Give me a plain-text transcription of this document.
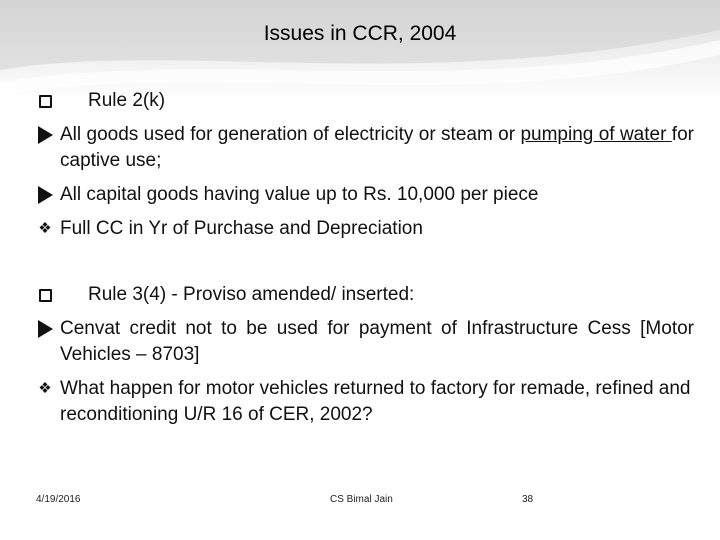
Issues in CCR, 2004
Rule 2(k)
All goods used for generation of electricity or steam or pumping of water for captive use;
All capital goods having value up to Rs. 10,000 per piece
❖ Full CC in Yr of Purchase and Depreciation
Rule 3(4) - Proviso amended/ inserted:
Cenvat credit not to be used for payment of Infrastructure Cess [Motor Vehicles – 8703]
❖ What happen for motor vehicles returned to factory for remade, refined and reconditioning U/R 16 of CER, 2002?
4/19/2016	CS Bimal Jain	38
